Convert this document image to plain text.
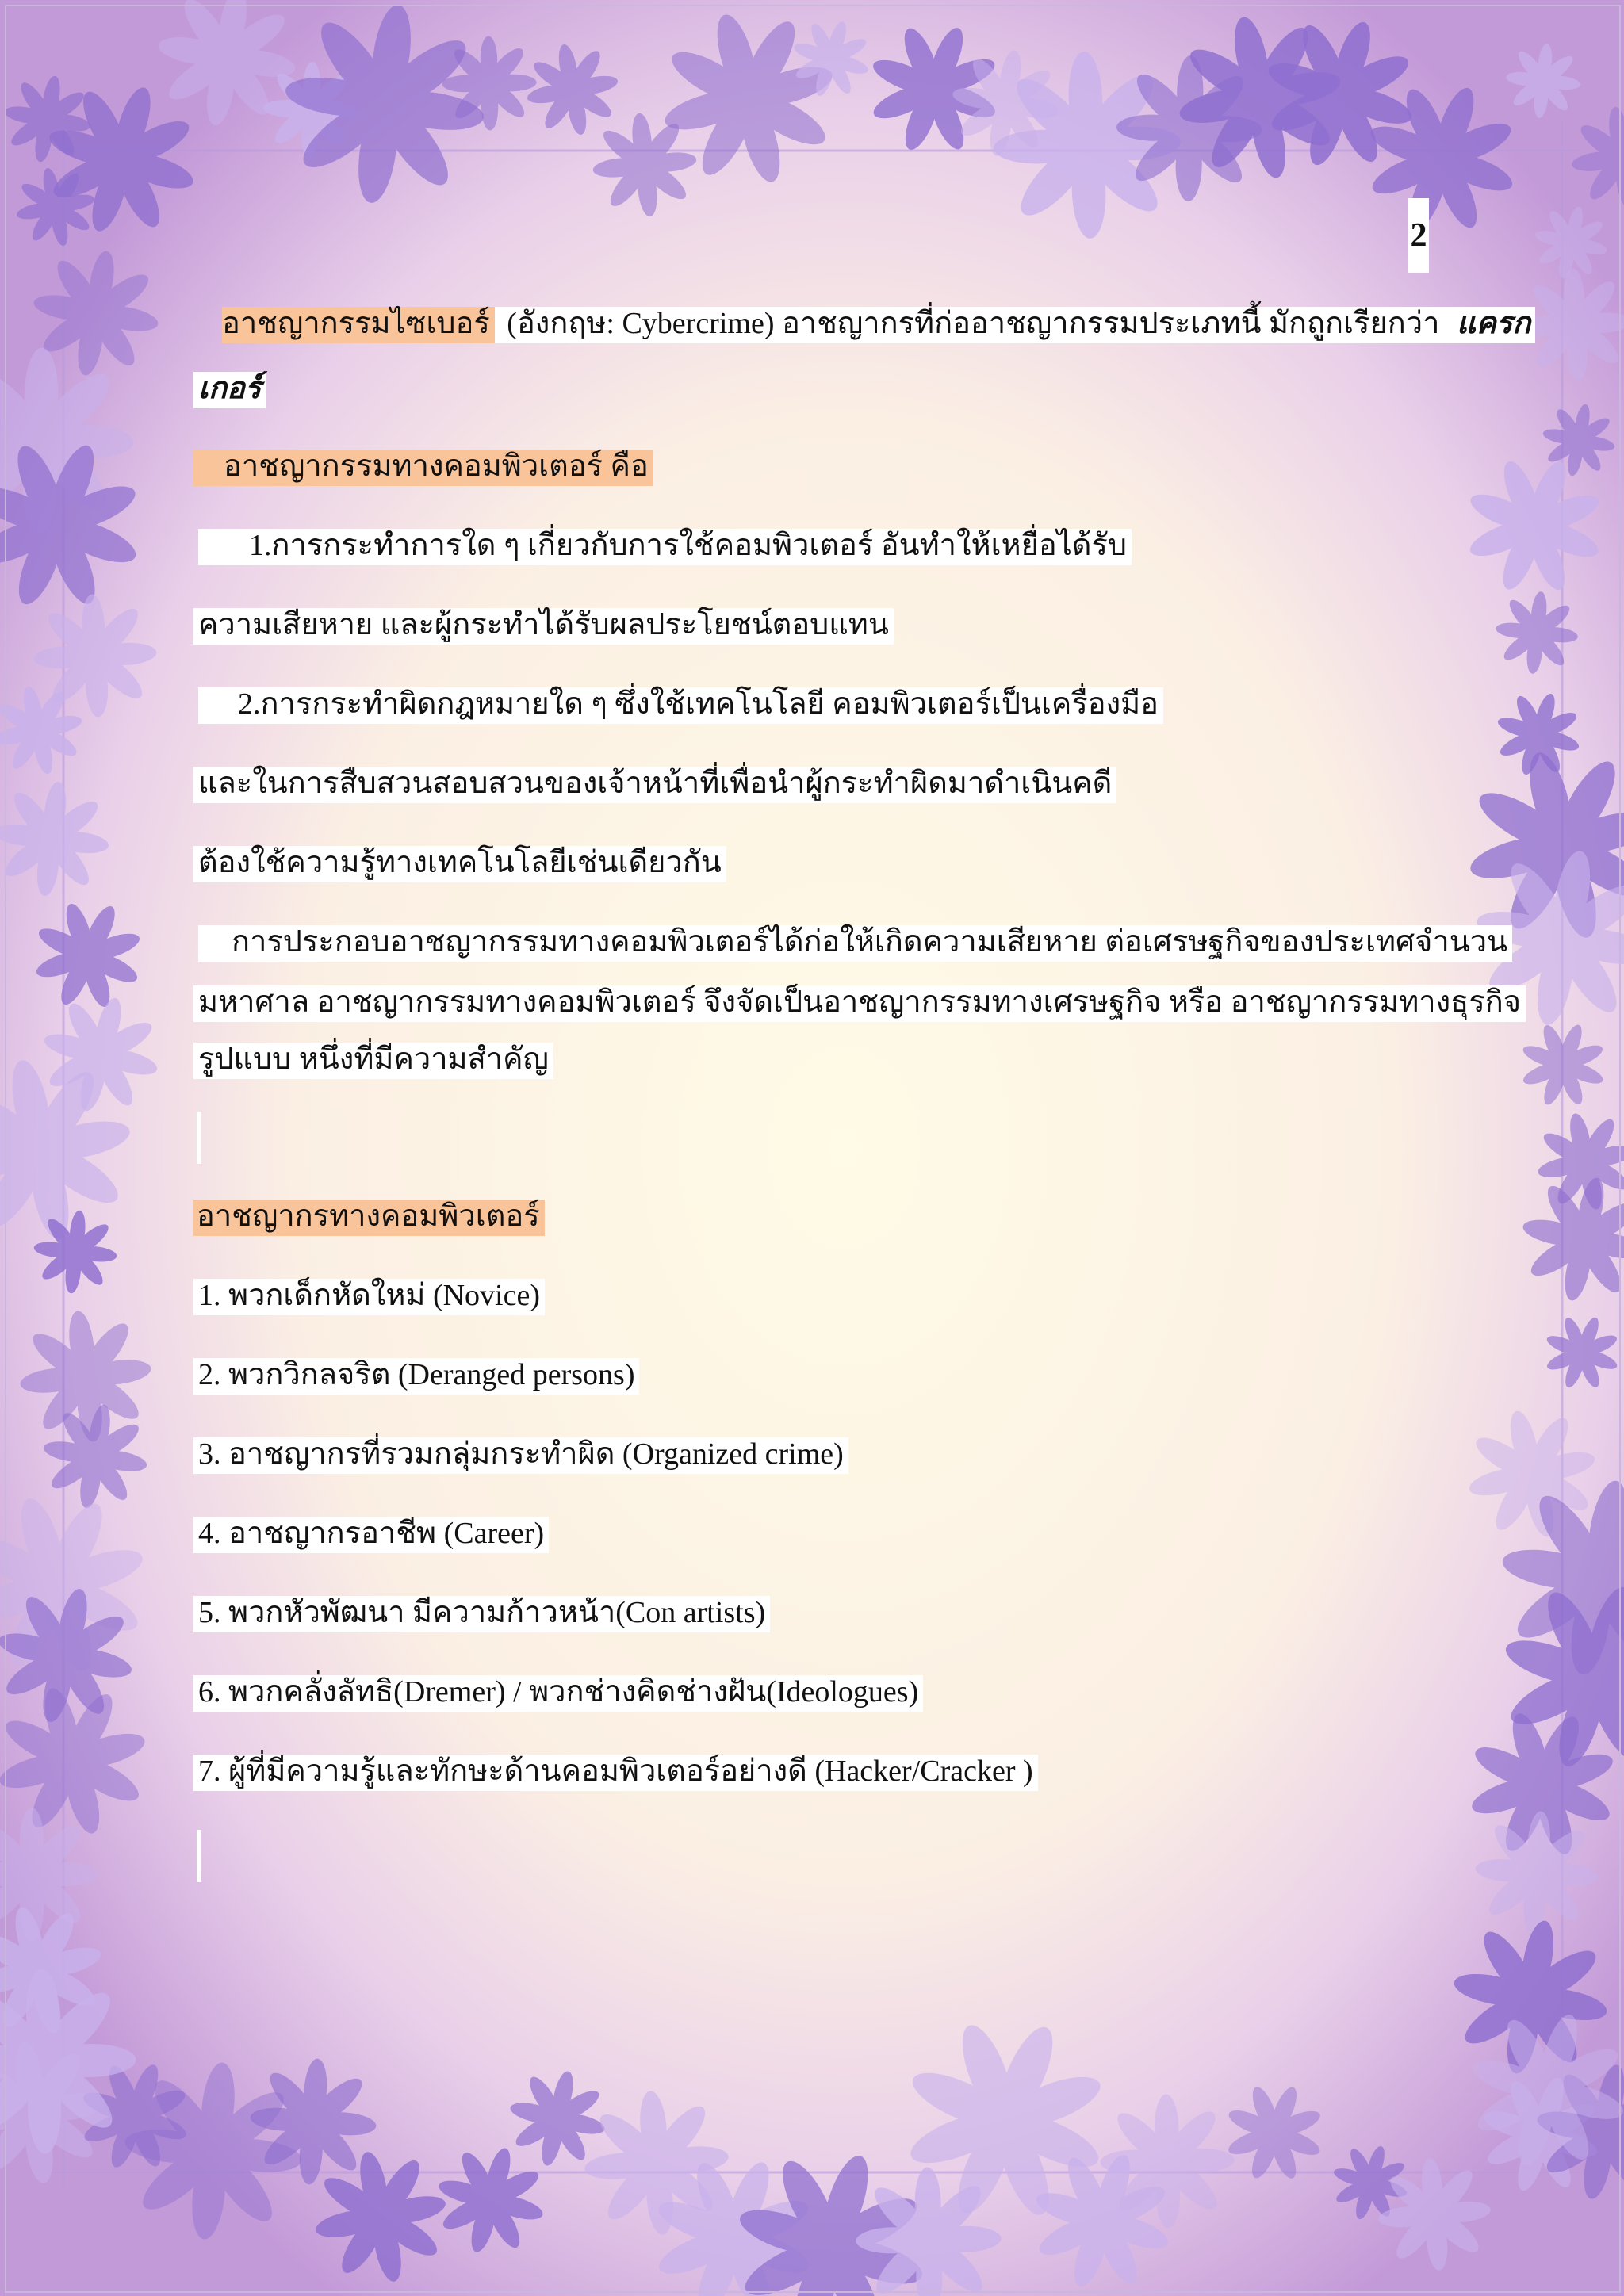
2
อาชญากรรมไซเบอร์ (อังกฤษ: Cybercrime) อาชญากรที่ก่ออาชญากรรมประเภทนี้ มักถูกเรียกว่า แครก
เกอร์
อาชญากรรมทางคอมพิวเตอร์ คือ
1.การกระทำการใด ๆ เกี่ยวกับการใช้คอมพิวเตอร์ อันทำให้เหยื่อได้รับ
ความเสียหาย และผู้กระทำได้รับผลประโยชน์ตอบแทน
2.การกระทำผิดกฎหมายใด ๆ ซึ่งใช้เทคโนโลยี คอมพิวเตอร์เป็นเครื่องมือ
และในการสืบสวนสอบสวนของเจ้าหน้าที่เพื่อนำผู้กระทำผิดมาดำเนินคดี
ต้องใช้ความรู้ทางเทคโนโลยีเช่นเดียวกัน
การประกอบอาชญากรรมทางคอมพิวเตอร์ได้ก่อให้เกิดความเสียหาย ต่อเศรษฐกิจของประเทศจำนวน
มหาศาล อาชญากรรมทางคอมพิวเตอร์ จึงจัดเป็นอาชญากรรมทางเศรษฐกิจ หรือ อาชญากรรมทางธุรกิจ
รูปแบบ หนึ่งที่มีความสำคัญ
อาชญากรทางคอมพิวเตอร์
1. พวกเด็กหัดใหม่ (Novice)
2. พวกวิกลจริต (Deranged persons)
3. อาชญากรที่รวมกลุ่มกระทำผิด (Organized crime)
4. อาชญากรอาชีพ (Career)
5. พวกหัวพัฒนา มีความก้าวหน้า(Con artists)
6. พวกคลั่งลัทธิ(Dremer) / พวกช่างคิดช่างฝัน(Ideologues)
7. ผู้ที่มีความรู้และทักษะด้านคอมพิวเตอร์อย่างดี (Hacker/Cracker )
